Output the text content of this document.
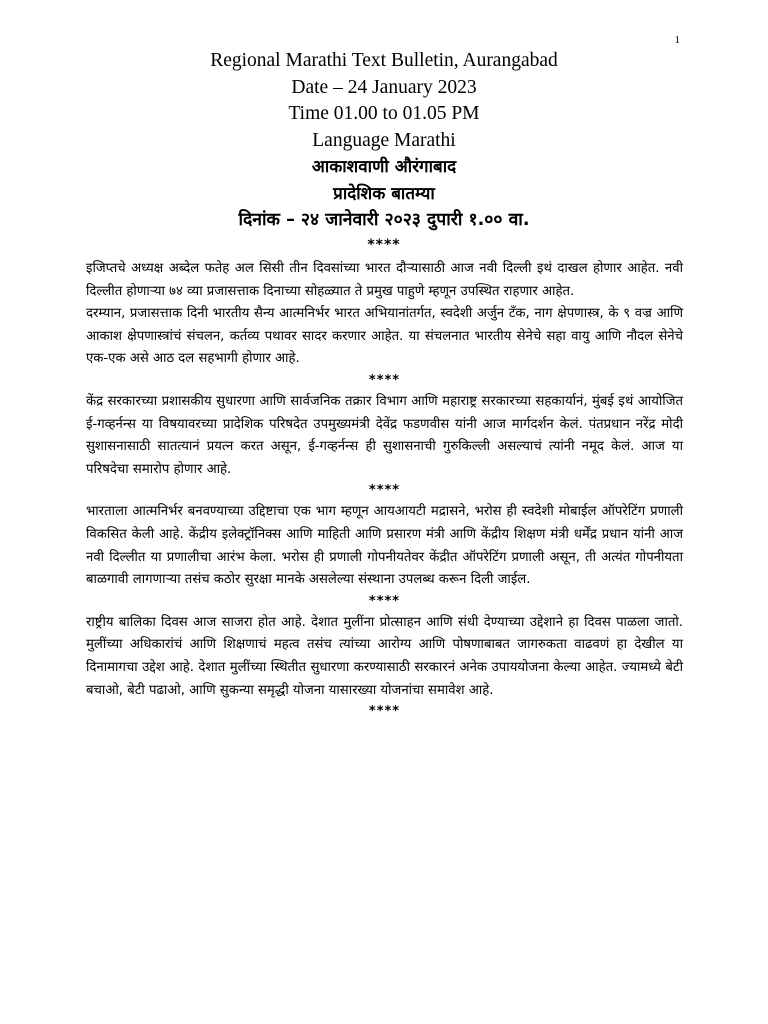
1
Regional Marathi Text Bulletin, Aurangabad
Date – 24 January 2023
Time 01.00 to 01.05 PM
Language Marathi
आकाशवाणी औरंगाबाद
प्रादेशिक बातम्या
दिनांक – २४ जानेवारी २०२३ दुपारी १.०० वा.
****

इजिप्तचे अध्यक्ष अब्देल फतेह अल सिसी तीन दिवसांच्या भारत दौऱ्यासाठी आज नवी दिल्ली इथं दाखल होणार आहेत. नवी दिल्लीत होणाऱ्या ७४ व्या प्रजासत्ताक दिनाच्या सोहळ्यात ते प्रमुख पाहुणे म्हणून उपस्थित राहणार आहेत.

दरम्यान, प्रजासत्ताक दिनी भारतीय सैन्य आत्मनिर्भर भारत अभियानांतर्गत, स्वदेशी अर्जुन टँक, नाग क्षेपणास्त्र, के ९ वज्र आणि आकाश क्षेपणास्त्रांचं संचलन, कर्तव्य पथावर सादर करणार आहेत. या संचलनात भारतीय सेनेचे सहा वायु आणि नौदल सेनेचे एक-एक असे आठ दल सहभागी होणार आहे.

****

केंद्र सरकारच्या प्रशासकीय सुधारणा आणि सार्वजनिक तक्रार विभाग आणि महाराष्ट्र सरकारच्या सहकार्यानं, मुंबई इथं आयोजित ई-गव्हर्नन्स या विषयावरच्या प्रादेशिक परिषदेत उपमुख्यमंत्री देवेंद्र फडणवीस यांनी आज मार्गदर्शन केलं. पंतप्रधान नरेंद्र मोदी सुशासनासाठी सातत्यानं प्रयत्न करत असून, ई-गव्हर्नन्स ही सुशासनाची गुरुकिल्ली असल्याचं त्यांनी नमूद केलं. आज या परिषदेचा समारोप होणार आहे.

****

भारताला आत्मनिर्भर बनवण्याच्या उद्दिष्टाचा एक भाग म्हणून आयआयटी मद्रासने, भरोस ही स्वदेशी मोबाईल ऑपरेटिंग प्रणाली विकसित केली आहे. केंद्रीय इलेक्ट्रॉनिक्स आणि माहिती आणि प्रसारण मंत्री आणि केंद्रीय शिक्षण मंत्री धर्मेंद्र प्रधान यांनी आज नवी दिल्लीत या प्रणालीचा आरंभ केला. भरोस ही प्रणाली गोपनीयतेवर केंद्रीत ऑपरेटिंग प्रणाली असून, ती अत्यंत गोपनीयता बाळगावी लागणाऱ्या तसंच कठोर सुरक्षा मानके असलेल्या संस्थाना उपलब्ध करून दिली जाईल.

****

राष्ट्रीय बालिका दिवस आज साजरा होत आहे. देशात मुलींना प्रोत्साहन आणि संधी देण्याच्या उद्देशाने हा दिवस पाळला जातो. मुलींच्या अधिकारांचं आणि शिक्षणाचं महत्व तसंच त्यांच्या आरोग्य आणि पोषणाबाबत जागरुकता वाढवणं हा देखील या दिनामागचा उद्देश आहे. देशात मुलींच्या स्थितीत सुधारणा करण्यासाठी सरकारनं अनेक उपाययोजना केल्या आहेत. ज्यामध्ये बेटी बचाओ, बेटी पढाओ, आणि सुकन्या समृद्धी योजना यासारख्या योजनांचा समावेश आहे.

****
